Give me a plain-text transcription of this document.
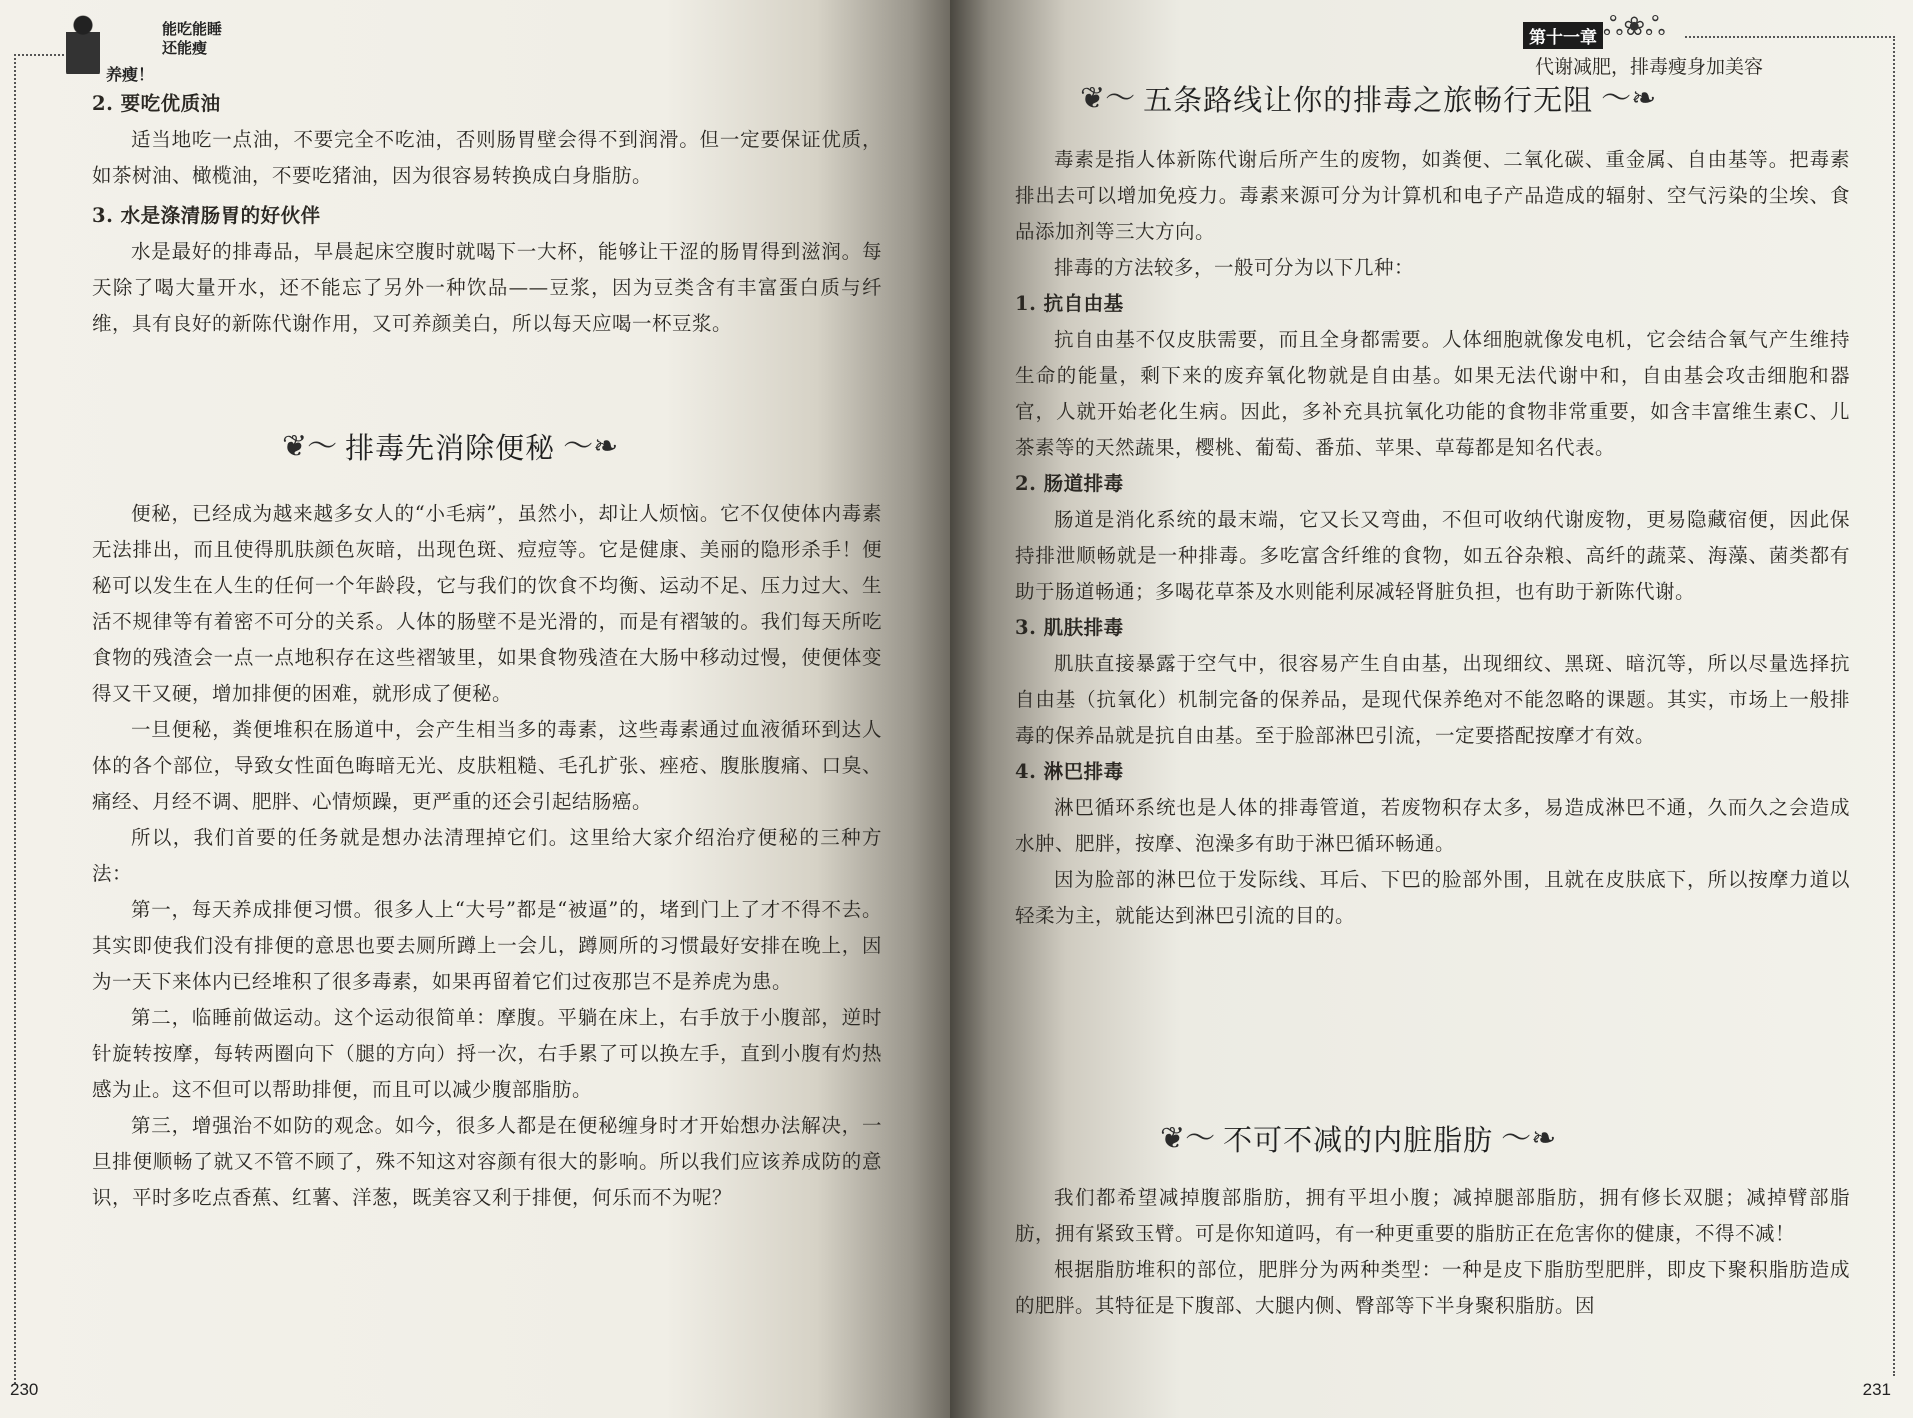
能吃能睡
还能瘦
养瘦！
2. 要吃优质油

适当地吃一点油，不要完全不吃油，否则肠胃壁会得不到润滑。但一定要保证优质，如茶树油、橄榄油，不要吃猪油，因为很容易转换成白身脂肪。

3. 水是涤清肠胃的好伙伴

水是最好的排毒品，早晨起床空腹时就喝下一大杯，能够让干涩的肠胃得到滋润。每天除了喝大量开水，还不能忘了另外一种饮品——豆浆，因为豆类含有丰富蛋白质与纤维，具有良好的新陈代谢作用，又可养颜美白，所以每天应喝一杯豆浆。

❦～ 排毒先消除便秘 ～❧

便秘，已经成为越来越多女人的“小毛病”，虽然小，却让人烦恼。它不仅使体内毒素无法排出，而且使得肌肤颜色灰暗，出现色斑、痘痘等。它是健康、美丽的隐形杀手！便秘可以发生在人生的任何一个年龄段，它与我们的饮食不均衡、运动不足、压力过大、生活不规律等有着密不可分的关系。人体的肠壁不是光滑的，而是有褶皱的。我们每天所吃食物的残渣会一点一点地积存在这些褶皱里，如果食物残渣在大肠中移动过慢，使便体变得又干又硬，增加排便的困难，就形成了便秘。

一旦便秘，粪便堆积在肠道中，会产生相当多的毒素，这些毒素通过血液循环到达人体的各个部位，导致女性面色晦暗无光、皮肤粗糙、毛孔扩张、痤疮、腹胀腹痛、口臭、痛经、月经不调、肥胖、心情烦躁，更严重的还会引起结肠癌。

所以，我们首要的任务就是想办法清理掉它们。这里给大家介绍治疗便秘的三种方法：

第一，每天养成排便习惯。很多人上“大号”都是“被逼”的，堵到门上了才不得不去。其实即使我们没有排便的意思也要去厕所蹲上一会儿，蹲厕所的习惯最好安排在晚上，因为一天下来体内已经堆积了很多毒素，如果再留着它们过夜那岂不是养虎为患。

第二，临睡前做运动。这个运动很简单：摩腹。平躺在床上，右手放于小腹部，逆时针旋转按摩，每转两圈向下（腿的方向）捋一次，右手累了可以换左手，直到小腹有灼热感为止。这不但可以帮助排便，而且可以减少腹部脂肪。

第三，增强治不如防的观念。如今，很多人都是在便秘缠身时才开始想办法解决，一旦排便顺畅了就又不管不顾了，殊不知这对容颜有很大的影响。所以我们应该养成防的意识，平时多吃点香蕉、红薯、洋葱，既美容又利于排便，何乐而不为呢？

230
第十一章 ஃ❀ஃ
代谢减肥，排毒瘦身加美容
❦～ 五条路线让你的排毒之旅畅行无阻 ～❧

毒素是指人体新陈代谢后所产生的废物，如粪便、二氧化碳、重金属、自由基等。把毒素排出去可以增加免疫力。毒素来源可分为计算机和电子产品造成的辐射、空气污染的尘埃、食品添加剂等三大方向。

排毒的方法较多，一般可分为以下几种：

1. 抗自由基

抗自由基不仅皮肤需要，而且全身都需要。人体细胞就像发电机，它会结合氧气产生维持生命的能量，剩下来的废弃氧化物就是自由基。如果无法代谢中和，自由基会攻击细胞和器官，人就开始老化生病。因此，多补充具抗氧化功能的食物非常重要，如含丰富维生素C、儿茶素等的天然蔬果，樱桃、葡萄、番茄、苹果、草莓都是知名代表。

2. 肠道排毒

肠道是消化系统的最末端，它又长又弯曲，不但可收纳代谢废物，更易隐藏宿便，因此保持排泄顺畅就是一种排毒。多吃富含纤维的食物，如五谷杂粮、高纤的蔬菜、海藻、菌类都有助于肠道畅通；多喝花草茶及水则能利尿减轻肾脏负担，也有助于新陈代谢。

3. 肌肤排毒

肌肤直接暴露于空气中，很容易产生自由基，出现细纹、黑斑、暗沉等，所以尽量选择抗自由基（抗氧化）机制完备的保养品，是现代保养绝对不能忽略的课题。其实，市场上一般排毒的保养品就是抗自由基。至于脸部淋巴引流，一定要搭配按摩才有效。

4. 淋巴排毒

淋巴循环系统也是人体的排毒管道，若废物积存太多，易造成淋巴不通，久而久之会造成水肿、肥胖，按摩、泡澡多有助于淋巴循环畅通。

因为脸部的淋巴位于发际线、耳后、下巴的脸部外围，且就在皮肤底下，所以按摩力道以轻柔为主，就能达到淋巴引流的目的。

❦～ 不可不减的内脏脂肪 ～❧

我们都希望减掉腹部脂肪，拥有平坦小腹；减掉腿部脂肪，拥有修长双腿；减掉臂部脂肪，拥有紧致玉臂。可是你知道吗，有一种更重要的脂肪正在危害你的健康，不得不减！

根据脂肪堆积的部位，肥胖分为两种类型：一种是皮下脂肪型肥胖，即皮下聚积脂肪造成的肥胖。其特征是下腹部、大腿内侧、臀部等下半身聚积脂肪。因

231
